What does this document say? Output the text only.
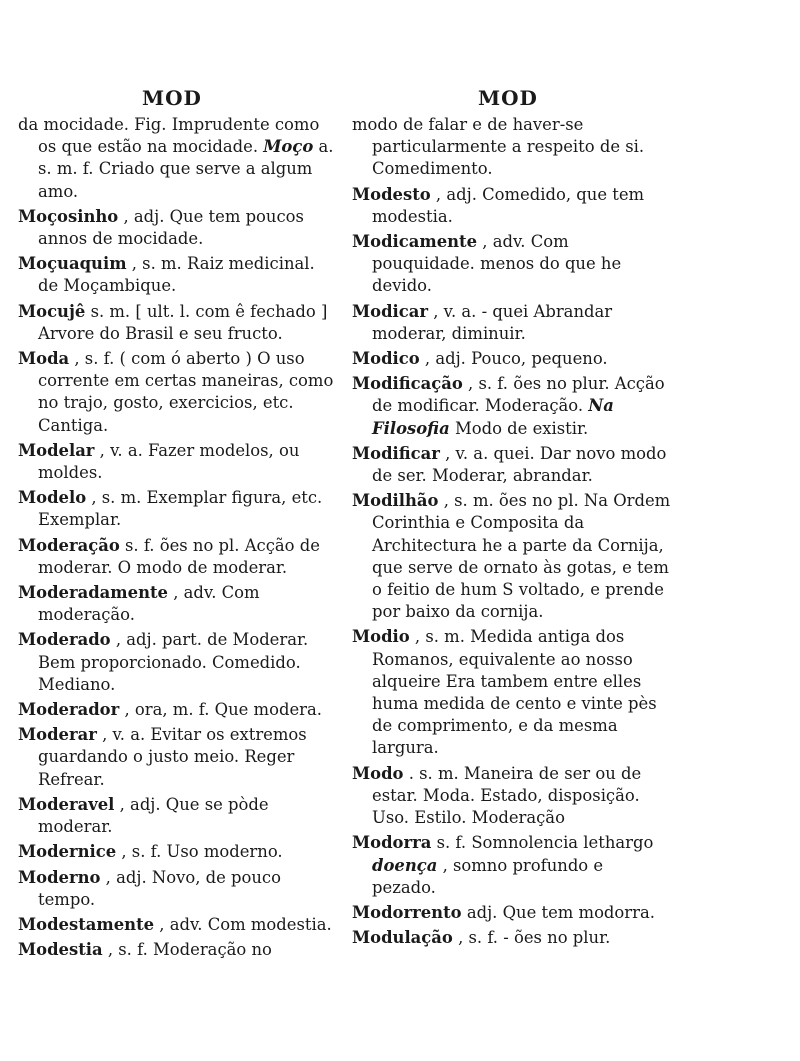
MOD	MOD
da mocidade. Fig. Imprudente como os que estão na mocidade. Moço a. s. m. f. Criado que serve a algum amo.
Moçosinho , adj. Que tem poucos annos de mocidade.
Moçuaquim , s. m. Raiz medicinal. de Moçambique.
Mocujê s. m. [ ult. l. com ê fechado ] Arvore do Brasil e seu fructo.
Moda , s. f. ( com ó aberto ) O uso corrente em certas maneiras, como no trajo, gosto, exercicios, etc. Cantiga.
Modelar , v. a. Fazer modelos, ou moldes.
Modelo , s. m. Exemplar figura, etc. Exemplar.
Moderação s. f. ões no pl. Acção de moderar. O modo de moderar.
Moderadamente , adv. Com moderação.
Moderado , adj. part. de Moderar. Bem proporcionado. Comedido. Mediano.
Moderador , ora, m. f. Que modera.
Moderar , v. a. Evitar os extremos guardando o justo meio. Reger Refrear.
Moderavel , adj. Que se pòde moderar.
Modernice , s. f. Uso moderno.
Moderno , adj. Novo, de pouco tempo.
Modestamente , adv. Com modestia.
Modestia , s. f. Moderação no
modo de falar e de haver-se particularmente a respeito de si. Comedimento.
Modesto , adj. Comedido, que tem modestia.
Modicamente , adv. Com pouquidade. menos do que he devido.
Modicar , v. a. - quei Abrandar moderar, diminuir.
Modico , adj. Pouco, pequeno.
Modificação , s. f. ões no plur. Acção de modificar. Moderação. Na Filosofia Modo de existir.
Modificar , v. a. quei. Dar novo modo de ser. Moderar, abrandar.
Modilhão , s. m. ões no pl. Na Ordem Corinthia e Composita da Architectura he a parte da Cornija, que serve de ornato às gotas, e tem o feitio de hum S voltado, e prende por baixo da cornija.
Modio , s. m. Medida antiga dos Romanos, equivalente ao nosso alqueire Era tambem entre elles huma medida de cento e vinte pès de comprimento, e da mesma largura.
Modo . s. m. Maneira de ser ou de estar. Moda. Estado, disposição. Uso. Estilo. Moderação
Modorra s. f. Somnolencia lethargo doença , somno profundo e pezado.
Modorrento adj. Que tem modorra.
Modulação , s. f. - ões no plur.
